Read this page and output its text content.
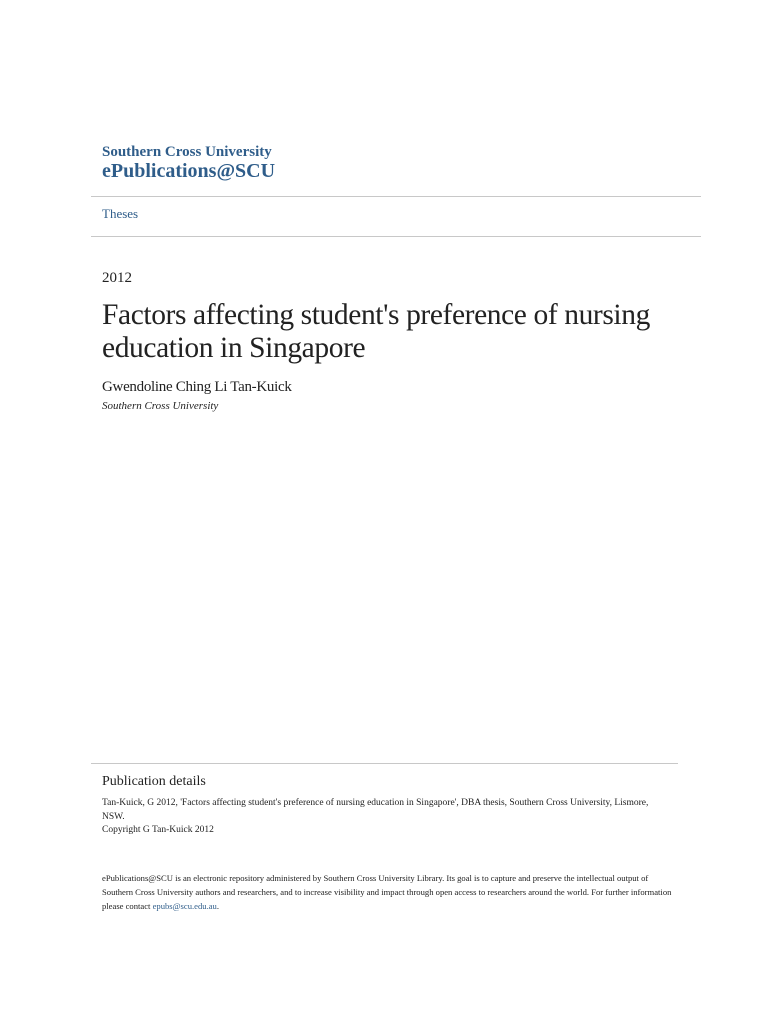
Southern Cross University
ePublications@SCU
Theses
2012
Factors affecting student's preference of nursing education in Singapore
Gwendoline Ching Li Tan-Kuick
Southern Cross University
Publication details
Tan-Kuick, G 2012, 'Factors affecting student's preference of nursing education in Singapore', DBA thesis, Southern Cross University, Lismore, NSW.
Copyright G Tan-Kuick 2012
ePublications@SCU is an electronic repository administered by Southern Cross University Library. Its goal is to capture and preserve the intellectual output of Southern Cross University authors and researchers, and to increase visibility and impact through open access to researchers around the world. For further information please contact epubs@scu.edu.au.
